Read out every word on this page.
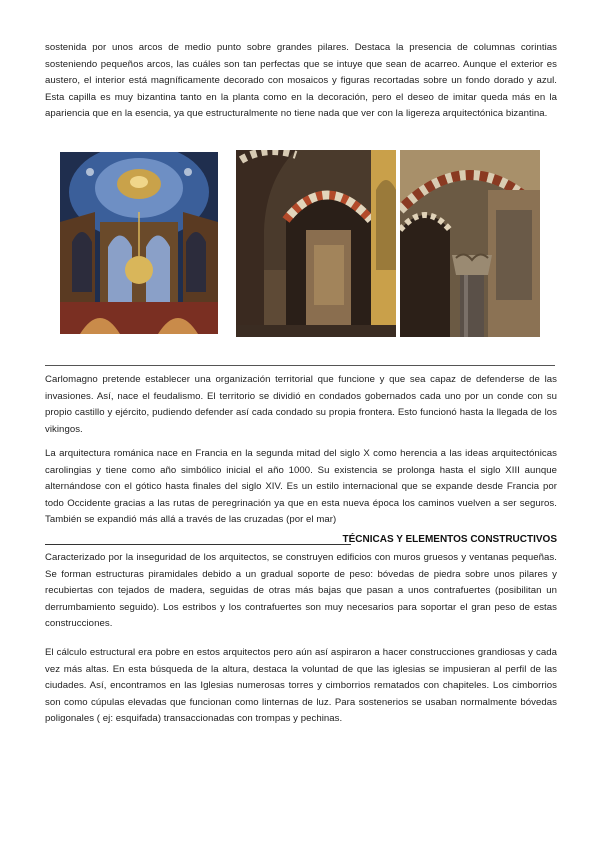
sostenida por unos arcos de medio punto sobre grandes pilares. Destaca la presencia de columnas corintias sosteniendo pequeños arcos, las cuáles son tan perfectas que se intuye que sean de acarreo. Aunque el exterior es austero, el interior está magníficamente decorado con mosaicos y figuras recortadas sobre un fondo dorado y azul. Esta capilla es muy bizantina tanto en la planta como en la decoración, pero el deseo de imitar queda más en la apariencia que en la esencia, ya que estructuralmente no tiene nada que ver con la ligereza arquitectónica bizantina.

Carlomagno pretende establecer una organización territorial que funcione y que sea capaz de defenderse de las invasiones. Así, nace el feudalismo. El territorio se dividió en condados gobernados cada uno por un conde con su propio castillo y ejército, pudiendo defender así cada condado su propia frontera. Esto funcionó hasta la llegada de los vikingos.

La arquitectura románica nace en Francia en la segunda mitad del siglo X como herencia a las ideas arquitectónicas carolingias y tiene como año simbólico inicial el año 1000. Su existencia se prolonga hasta el siglo XIII aunque alternándose con el gótico hasta finales del siglo XIV. Es un estilo internacional que se expande desde Francia por todo Occidente gracias a las rutas de peregrinación ya que en esta nueva época los caminos vuelven a ser seguros. También se expandió más allá a través de las cruzadas (por el mar)

TÉCNICAS Y ELEMENTOS CONSTRUCTIVOS

Caracterizado por la inseguridad de los arquitectos, se construyen edificios con muros gruesos y ventanas pequeñas. Se forman estructuras piramidales debido a un gradual soporte de peso: bóvedas de piedra sobre unos pilares y recubiertas con tejados de madera, seguidas de otras más bajas que pasan a unos contrafuertes (posibilitan un derrumbamiento seguido). Los estribos y los contrafuertes son muy necesarios para soportar el gran peso de estas construcciones.

El cálculo estructural era pobre en estos arquitectos pero aún así aspiraron a hacer construcciones grandiosas y cada vez más altas. En esta búsqueda de la altura, destaca la voluntad de que las iglesias se impusieran al perfil de las ciudades. Así, encontramos en las Iglesias numerosas torres y cimborrios rematados con chapiteles. Los cimborrios son como cúpulas elevadas que funcionan como linternas de luz. Para sostenerios se usaban normalmente bóvedas poligonales ( ej: esquifada) transaccionadas con trompas y pechinas.
